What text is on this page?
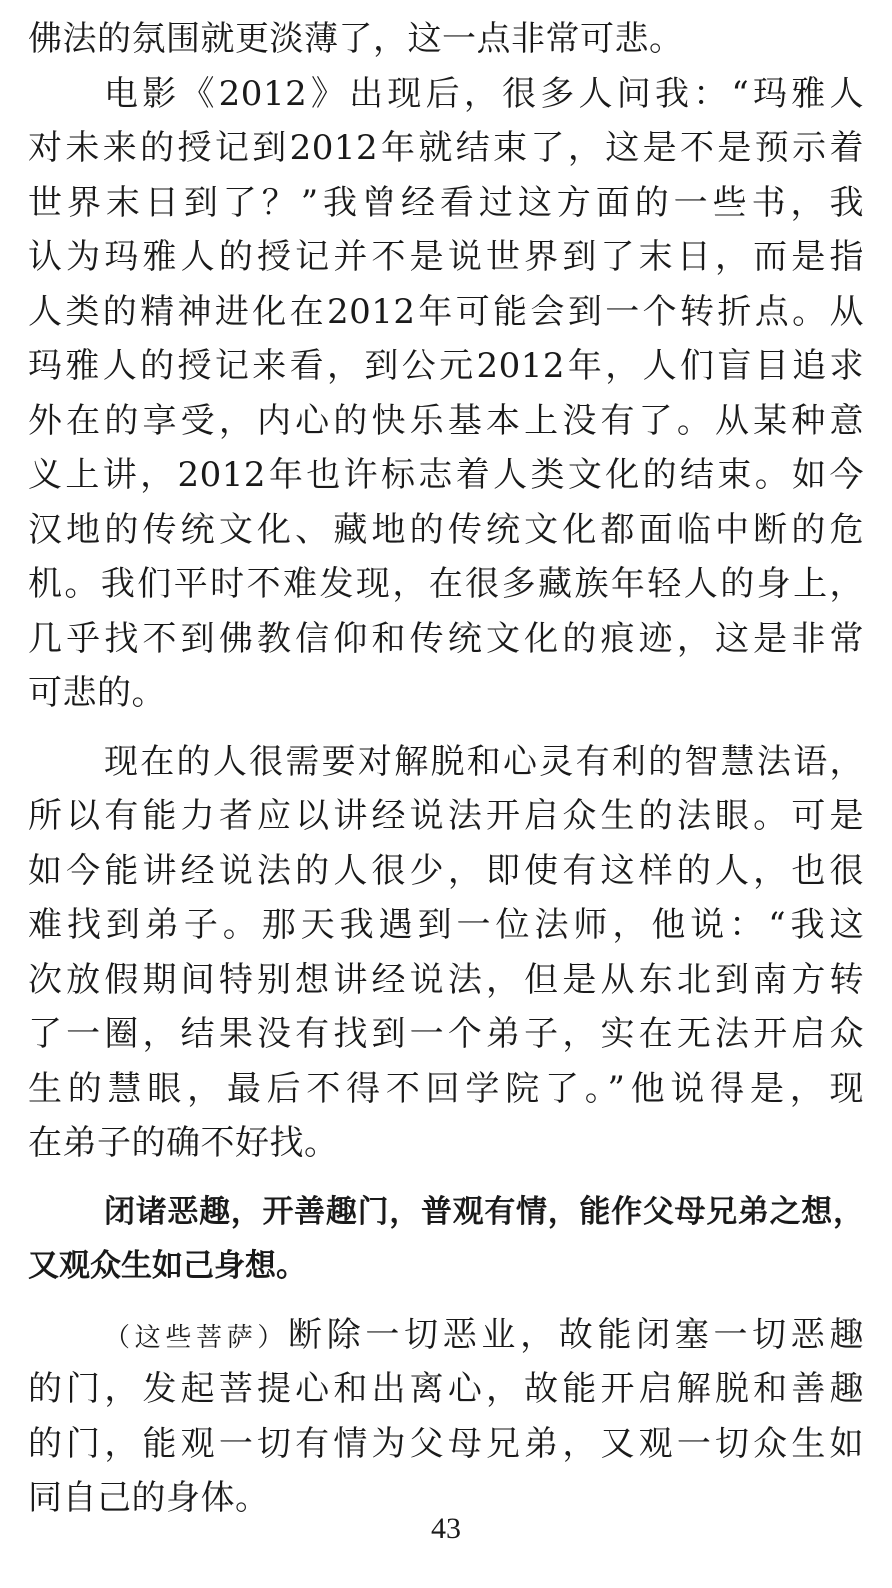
佛法的氛围就更淡薄了，这一点非常可悲。
电影《2012》出现后，很多人问我：“玛雅人
对未来的授记到2012年就结束了，这是不是预示着
世界末日到了？”我曾经看过这方面的一些书，我
认为玛雅人的授记并不是说世界到了末日，而是指
人类的精神进化在2012年可能会到一个转折点。从
玛雅人的授记来看，到公元2012年，人们盲目追求
外在的享受，内心的快乐基本上没有了。从某种意
义上讲，2012年也许标志着人类文化的结束。如今
汉地的传统文化、藏地的传统文化都面临中断的危
机。我们平时不难发现，在很多藏族年轻人的身上，
几乎找不到佛教信仰和传统文化的痕迹，这是非常
可悲的。
现在的人很需要对解脱和心灵有利的智慧法语，
所以有能力者应以讲经说法开启众生的法眼。可是
如今能讲经说法的人很少，即使有这样的人，也很
难找到弟子。那天我遇到一位法师，他说：“我这
次放假期间特别想讲经说法，但是从东北到南方转
了一圈，结果没有找到一个弟子，实在无法开启众
生的慧眼，最后不得不回学院了。”他说得是，现
在弟子的确不好找。
闭诸恶趣，开善趣门，普观有情，能作父母兄弟之想，
又观众生如己身想。
（这些菩萨）断除一切恶业，故能闭塞一切恶趣
的门，发起菩提心和出离心，故能开启解脱和善趣
的门，能观一切有情为父母兄弟，又观一切众生如
同自己的身体。
43
